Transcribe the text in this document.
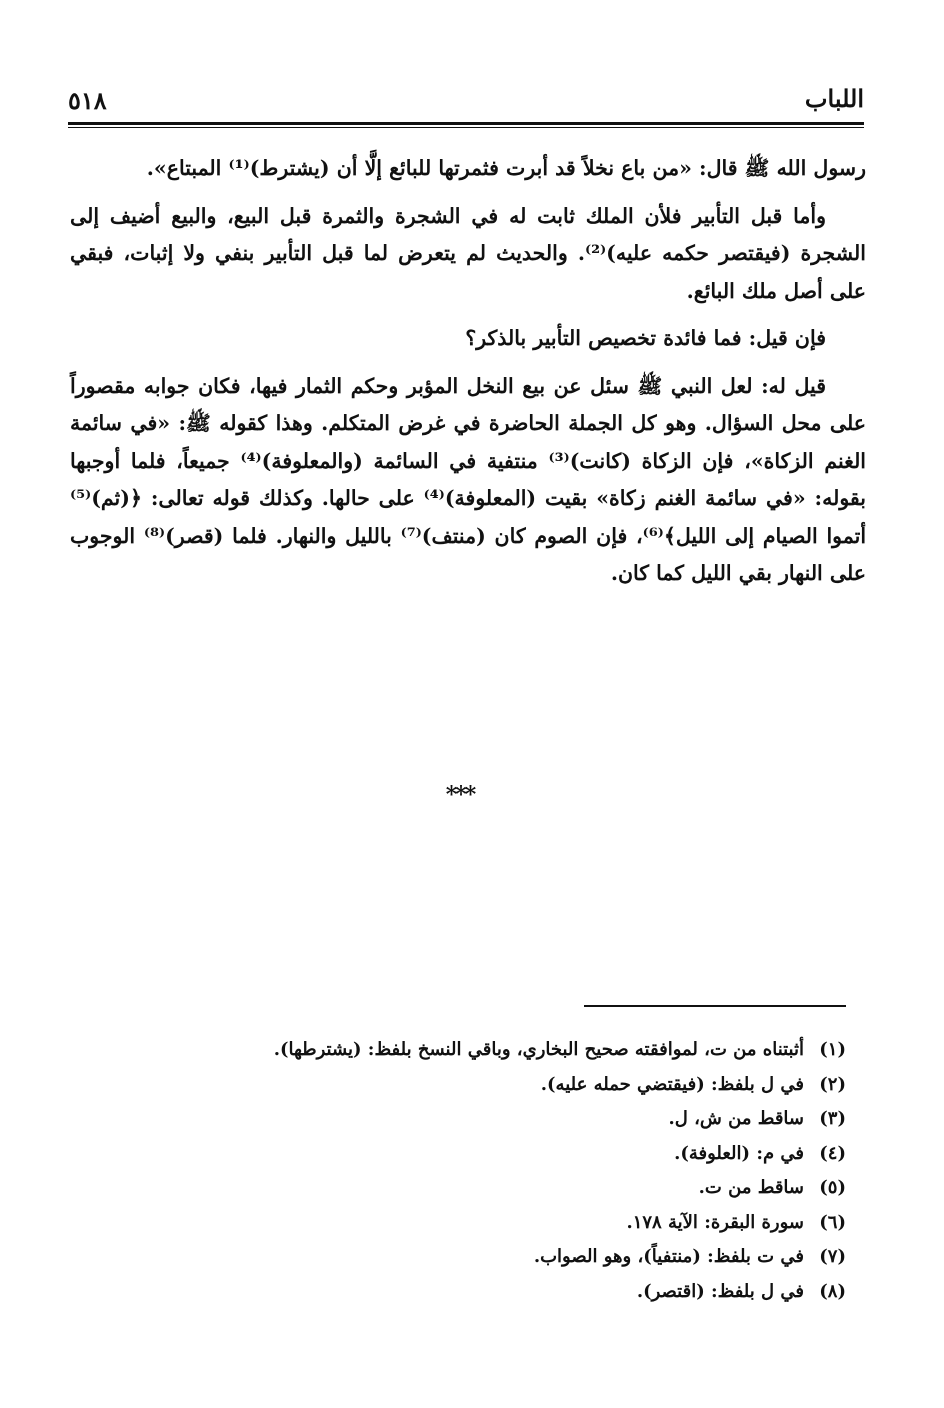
٥١٨	اللباب

رسول الله ﷺ قال: «من باع نخلاً قد أبرت فثمرتها للبائع إلَّا أن (يشترط)⁽¹⁾ المبتاع».

وأما قبل التأبير فلأن الملك ثابت له في الشجرة والثمرة قبل البيع، والبيع أضيف إلى الشجرة (فيقتصر حكمه عليه)⁽²⁾. والحديث لم يتعرض لما قبل التأبير بنفي ولا إثبات، فبقي على أصل ملك البائع.

فإن قيل: فما فائدة تخصيص التأبير بالذكر؟

قيل له: لعل النبي ﷺ سئل عن بيع النخل المؤبر وحكم الثمار فيها، فكان جوابه مقصوراً على محل السؤال. وهو كل الجملة الحاضرة في غرض المتكلم. وهذا كقوله ﷺ: «في سائمة الغنم الزكاة»، فإن الزكاة (كانت)⁽³⁾ منتفية في السائمة (والمعلوفة)⁽⁴⁾ جميعاً، فلما أوجبها بقوله: «في سائمة الغنم زكاة» بقيت (المعلوفة)⁽⁴⁾ على حالها. وكذلك قوله تعالى: ﴿(ثم)⁽⁵⁾ أتموا الصيام إلى الليل﴾⁽⁶⁾، فإن الصوم كان (منتف)⁽⁷⁾ بالليل والنهار. فلما (قصر)⁽⁸⁾ الوجوب على النهار بقي الليل كما كان.

***
(١)أثبتناه من ت، لموافقته صحيح البخاري، وباقي النسخ بلفظ: (يشترطها).
(٢)في ل بلفظ: (فيقتضي حمله عليه).
(٣)ساقط من ش، ل.
(٤)في م: (العلوفة).
(٥)ساقط من ت.
(٦)سورة البقرة: الآية ١٧٨.
(٧)في ت بلفظ: (منتفياً)، وهو الصواب.
(٨)في ل بلفظ: (اقتصر).
